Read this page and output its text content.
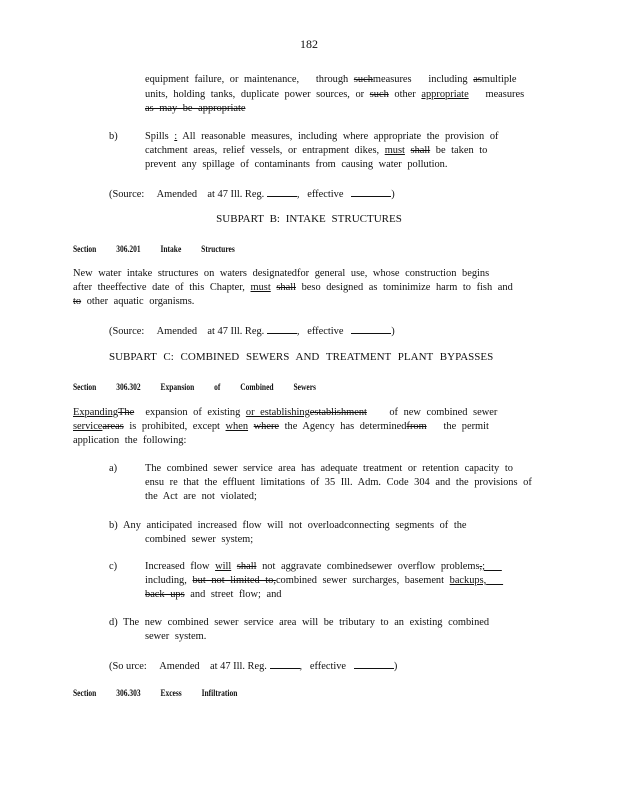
182
equipment failure, or maintenance, through suchmeasures including asmultiple
units, holding tanks, duplicate power sources, or such other appropriate measures
as may be appropriate
b)	Spills : All reasonable measures, including where appropriate the provision of
catchment areas, relief vessels, or entrapment dikes, must shall be taken to
prevent any spillage of contaminants from causing water pollution.
(Source: Amended at 47 Ill. Reg.	,   effective	)
SUBPART B: INTAKE STRUCTURES
Section	306.201	Intake Structures
New water intake structures on waters designatedfor general use, whose construction begins
after theeffective date of this Chapter, must shall beso designed as tominimize harm to fish and
to other aquatic organisms.
(Source: Amended at 47 Ill. Reg.	,   effective	)
SUBPART C: COMBINED SEWERS AND TREATMENT PLANT BYPASSES
Section	306.302	Expansion of Combined Sewers
ExpandingThe expansion of existing or establishingestablishment of new combined sewer
serviceareas is prohibited, except when where the Agency has determinedfrom the permit
application the following:
a)	The combined sewer service area has adequate treatment or retention capacity to
ensu re that the effluent limitations of 35 Ill. Adm. Code 304 and the provisions of
the Act are not violated;
b) Any anticipated increased flow will not overloadconnecting segments of the
combined sewer system;
c)	Increased flow will shall not aggravate combinedsewer overflow problems,;
including, but not limited to,combined sewer surcharges, basement backups,
back ups and street flow; and
d) The new combined sewer service area will be tributary to an existing combined
sewer system.
(So urce: Amended at 47 Ill. Reg.	,   effective	)
Section	306.303	Excess Infiltration
